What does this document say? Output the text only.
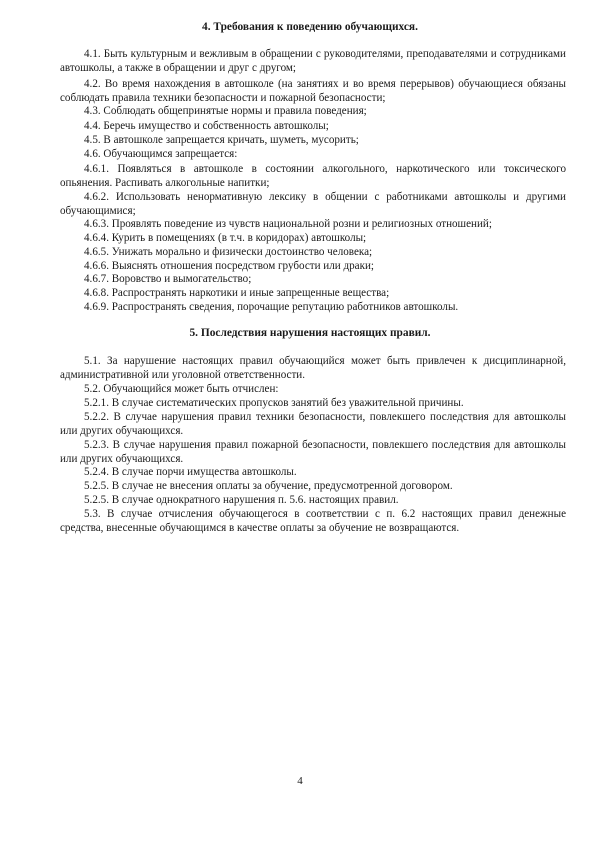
4. Требования к поведению обучающихся.

4.1. Быть культурным и вежливым в обращении с руководителями, преподавателями и сотрудниками автошколы, а также в обращении и друг с другом;

4.2. Во время нахождения в автошколе (на занятиях и во время перерывов) обучающиеся обязаны соблюдать правила техники безопасности и пожарной безопасности;

4.3. Соблюдать общепринятые нормы и правила поведения;

4.4. Беречь имущество и собственность автошколы;

4.5. В автошколе запрещается кричать, шуметь, мусорить;

4.6. Обучающимся запрещается:

4.6.1. Появляться в автошколе в состоянии алкогольного, наркотического или токсического опьянения. Распивать алкогольные напитки;

4.6.2. Использовать ненормативную лексику в общении с работниками автошколы и другими обучающимися;

4.6.3. Проявлять поведение из чувств национальной розни и религиозных отношений;

4.6.4. Курить в помещениях (в т.ч. в коридорах) автошколы;

4.6.5. Унижать морально и физически достоинство человека;

4.6.6. Выяснять отношения посредством грубости или драки;

4.6.7. Воровство и вымогательство;

4.6.8. Распространять наркотики и иные запрещенные вещества;

4.6.9. Распространять сведения, порочащие репутацию работников автошколы.

5. Последствия нарушения настоящих правил.

5.1. За нарушение настоящих правил обучающийся может быть привлечен к дисциплинарной, административной или уголовной ответственности.

5.2. Обучающийся может быть отчислен:

5.2.1. В случае систематических пропусков занятий без уважительной причины.

5.2.2. В случае нарушения правил техники безопасности, повлекшего последствия для автошколы или других обучающихся.

5.2.3. В случае нарушения правил пожарной безопасности, повлекшего последствия для автошколы или других обучающихся.

5.2.4. В случае порчи имущества автошколы.

5.2.5. В случае не внесения оплаты за обучение, предусмотренной договором.

5.2.5. В случае однократного нарушения п. 5.6. настоящих правил.

5.3. В случае отчисления обучающегося в соответствии с п. 6.2 настоящих правил денежные средства, внесенные обучающимся в качестве оплаты за обучение не возвращаются.

4
